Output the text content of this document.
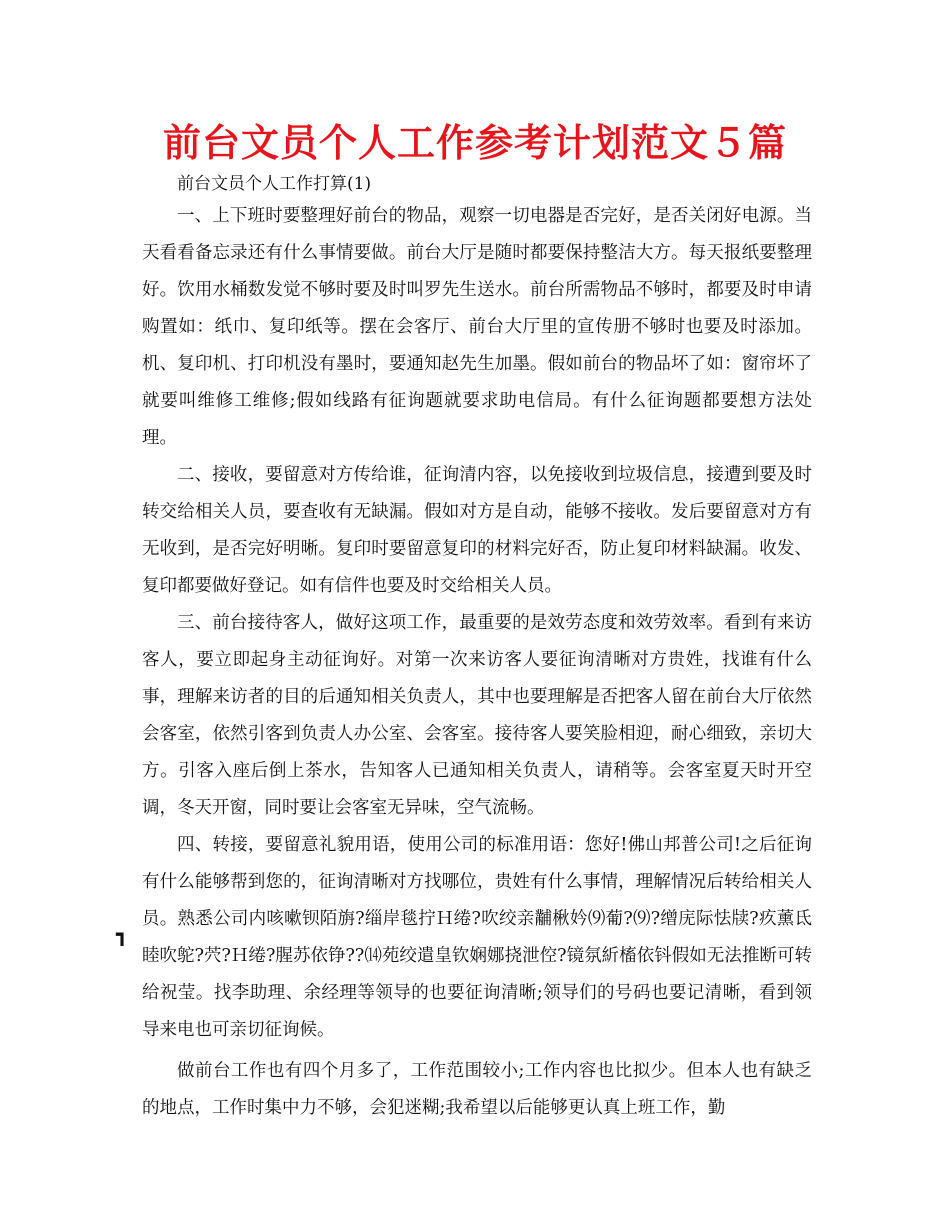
前台文员个人工作参考计划范文５篇
前台文员个人工作打算(1)

一、上下班时要整理好前台的物品，观察一切电器是否完好，是否关闭好电源。当天看看备忘录还有什么事情要做。前台大厅是随时都要保持整洁大方。每天报纸要整理好。饮用水桶数发觉不够时要及时叫罗先生送水。前台所需物品不够时，都要及时申请购置如：纸巾、复印纸等。摆在会客厅、前台大厅里的宣传册不够时也要及时添加。机、复印机、打印机没有墨时，要通知赵先生加墨。假如前台的物品坏了如：窗帘坏了就要叫维修工维修;假如线路有征询题就要求助电信局。有什么征询题都要想方法处理。

二、接收，要留意对方传给谁，征询清内容，以免接收到垃圾信息，接遭到要及时转交给相关人员，要查收有无缺漏。假如对方是自动，能够不接收。发后要留意对方有无收到，是否完好明晰。复印时要留意复印的材料完好否，防止复印材料缺漏。收发、复印都要做好登记。如有信件也要及时交给相关人员。

三、前台接待客人，做好这项工作，最重要的是效劳态度和效劳效率。看到有来访客人，要立即起身主动征询好。对第一次来访客人要征询清晰对方贵姓，找谁有什么事，理解来访者的目的后通知相关负责人，其中也要理解是否把客人留在前台大厅依然会客室，依然引客到负责人办公室、会客室。接待客人要笑脸相迎，耐心细致，亲切大方。引客入座后倒上茶水，告知客人已通知相关负责人，请稍等。会客室夏天时开空调，冬天开窗，同时要让会客室无异味，空气流畅。

四、转接，要留意礼貌用语，使用公司的标准用语：您好!佛山邦普公司!之后征询有什么能够帮到您的，征询清晰对方找哪位，贵姓有什么事情，理解情况后转给相关人员。熟悉公司内咳嗽钡陌旃?缁岸毯拧Ｈ绻?吹绞亲黼楸妗⑼葡?⑼?缯庑际怯牍?疚薰氐睦吹鸵?茓?Ｈ绻?腥苏依铮??⒁苑绞遣皇钦娴娜挠泄倥?镜氛紤槒依钭假如无法推断可转给祝莹。找李助理、余经理等领导的也要征询清晰;领导们的号码也要记清晰，看到领导来电也可亲切征询候。

做前台工作也有四个月多了，工作范围较小;工作内容也比拟少。但本人也有缺乏的地点，工作时集中力不够，会犯迷糊;我希望以后能够更认真上班工作，勤

┓
